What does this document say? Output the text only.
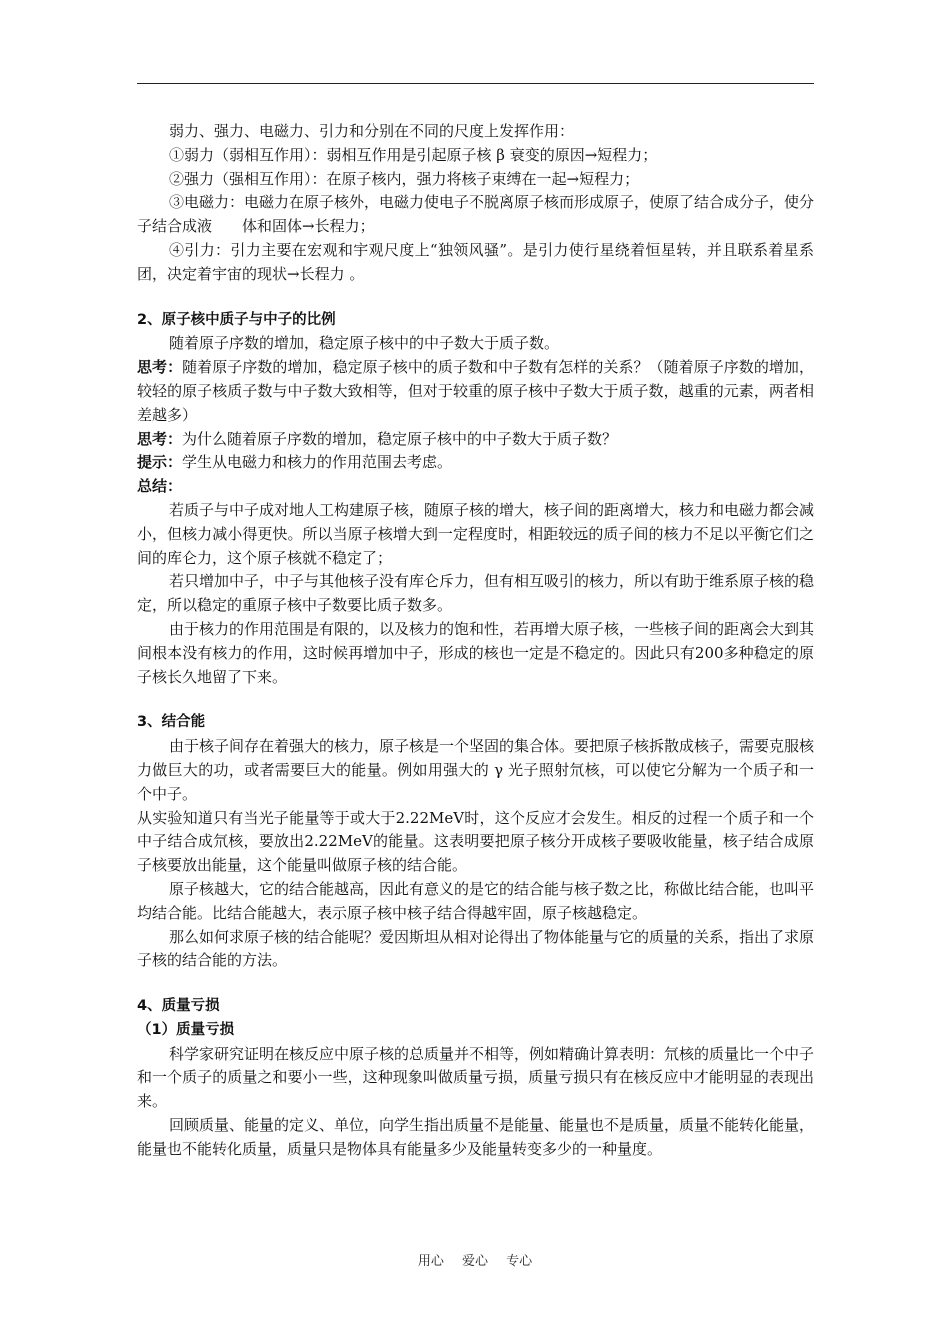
弱力、强力、电磁力、引力和分别在不同的尺度上发挥作用：

①弱力（弱相互作用）：弱相互作用是引起原子核 β 衰变的原因→短程力；

②强力（强相互作用）：在原子核内，强力将核子束缚在一起→短程力；

③电磁力：电磁力在原子核外，电磁力使电子不脱离原子核而形成原子，使原了结合成分子，使分子结合成液　　体和固体→长程力；

④引力：引力主要在宏观和宇观尺度上“独领风骚”。是引力使行星绕着恒星转，并且联系着星系团，决定着宇宙的现状→长程力 。

2、原子核中质子与中子的比例

随着原子序数的增加，稳定原子核中的中子数大于质子数。

思考：随着原子序数的增加，稳定原子核中的质子数和中子数有怎样的关系？（随着原子序数的增加，较轻的原子核质子数与中子数大致相等，但对于较重的原子核中子数大于质子数，越重的元素，两者相差越多）

思考：为什么随着原子序数的增加，稳定原子核中的中子数大于质子数？

提示：学生从电磁力和核力的作用范围去考虑。

总结：

若质子与中子成对地人工构建原子核，随原子核的增大，核子间的距离增大，核力和电磁力都会减小，但核力减小得更快。所以当原子核增大到一定程度时，相距较远的质子间的核力不足以平衡它们之间的库仑力，这个原子核就不稳定了；

若只增加中子，中子与其他核子没有库仑斥力，但有相互吸引的核力，所以有助于维系原子核的稳定，所以稳定的重原子核中子数要比质子数多。

由于核力的作用范围是有限的，以及核力的饱和性，若再增大原子核，一些核子间的距离会大到其间根本没有核力的作用，这时候再增加中子，形成的核也一定是不稳定的。因此只有200多种稳定的原子核长久地留了下来。

3、结合能

由于核子间存在着强大的核力，原子核是一个坚固的集合体。要把原子核拆散成核子，需要克服核力做巨大的功，或者需要巨大的能量。例如用强大的 γ 光子照射氘核，可以使它分解为一个质子和一个中子。

从实验知道只有当光子能量等于或大于2.22MeV时，这个反应才会发生。相反的过程一个质子和一个中子结合成氘核，要放出2.22MeV的能量。这表明要把原子核分开成核子要吸收能量，核子结合成原子核要放出能量，这个能量叫做原子核的结合能。

原子核越大，它的结合能越高，因此有意义的是它的结合能与核子数之比，称做比结合能，也叫平均结合能。比结合能越大，表示原子核中核子结合得越牢固，原子核越稳定。

那么如何求原子核的结合能呢？爱因斯坦从相对论得出了物体能量与它的质量的关系，指出了求原子核的结合能的方法。

4、质量亏损

（1）质量亏损

科学家研究证明在核反应中原子核的总质量并不相等，例如精确计算表明：氘核的质量比一个中子和一个质子的质量之和要小一些，这种现象叫做质量亏损，质量亏损只有在核反应中才能明显的表现出来。

回顾质量、能量的定义、单位，向学生指出质量不是能量、能量也不是质量，质量不能转化能量，能量也不能转化质量，质量只是物体具有能量多少及能量转变多少的一种量度。

用心 爱心 专心
